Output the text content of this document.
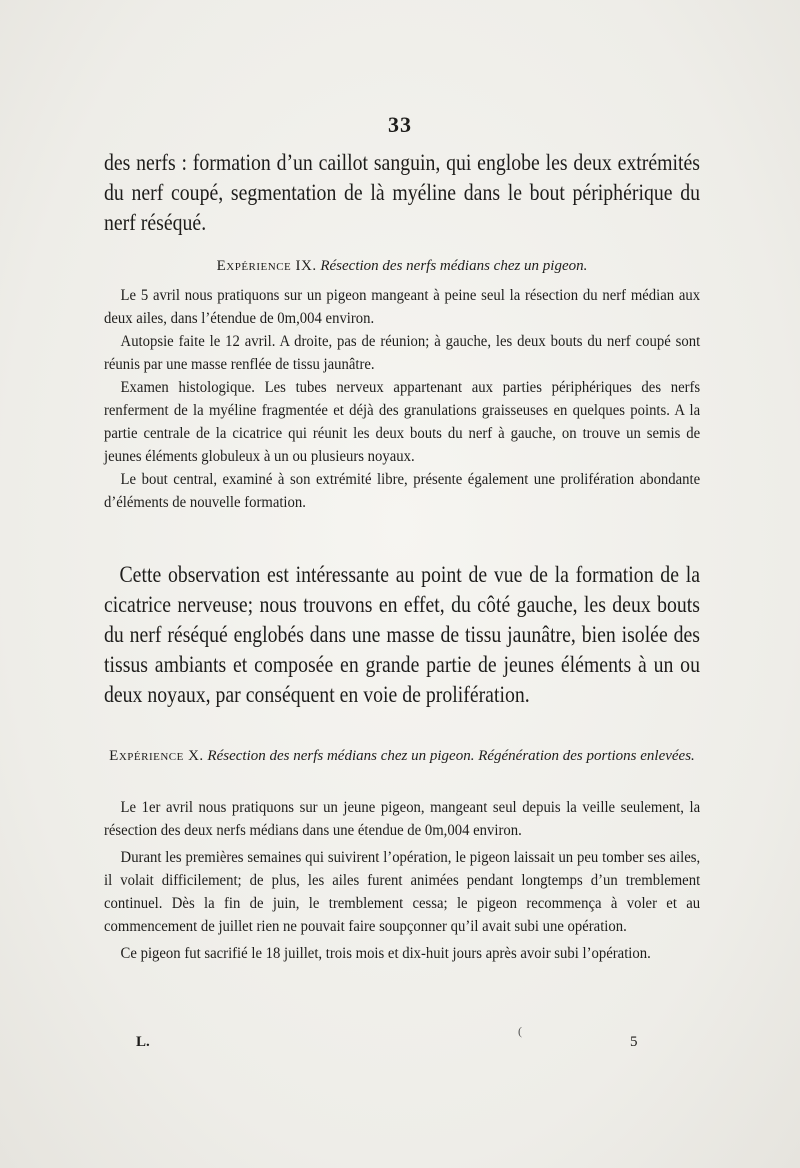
33

des nerfs : formation d’un caillot sanguin, qui englobe les deux extrémités du nerf coupé, segmentation de là myéline dans le bout périphérique du nerf réséqué.

Expérience IX. Résection des nerfs médians chez un pigeon.

Le 5 avril nous pratiquons sur un pigeon mangeant à peine seul la résection du nerf médian aux deux ailes, dans l’étendue de 0m,004 environ.

Autopsie faite le 12 avril. A droite, pas de réunion; à gauche, les deux bouts du nerf coupé sont réunis par une masse renflée de tissu jaunâtre.

Examen histologique. Les tubes nerveux appartenant aux parties périphériques des nerfs renferment de la myéline fragmentée et déjà des granulations graisseuses en quelques points. A la partie centrale de la cicatrice qui réunit les deux bouts du nerf à gauche, on trouve un semis de jeunes éléments globuleux à un ou plusieurs noyaux.

Le bout central, examiné à son extrémité libre, présente également une prolifération abondante d’éléments de nouvelle formation.

Cette observation est intéressante au point de vue de la formation de la cicatrice nerveuse; nous trouvons en effet, du côté gauche, les deux bouts du nerf réséqué englobés dans une masse de tissu jaunâtre, bien isolée des tissus ambiants et composée en grande partie de jeunes éléments à un ou deux noyaux, par conséquent en voie de prolifération.

Expérience X. Résection des nerfs médians chez un pigeon. Régénération des portions enlevées.

Le 1er avril nous pratiquons sur un jeune pigeon, mangeant seul depuis la veille seulement, la résection des deux nerfs médians dans une étendue de 0m,004 environ.

Durant les premières semaines qui suivirent l’opération, le pigeon laissait un peu tomber ses ailes, il volait difficilement; de plus, les ailes furent animées pendant longtemps d’un tremblement continuel. Dès la fin de juin, le tremblement cessa; le pigeon recommença à voler et au commencement de juillet rien ne pouvait faire soupçonner qu’il avait subi une opération.

Ce pigeon fut sacrifié le 18 juillet, trois mois et dix-huit jours après avoir subi l’opération.

L.
(
5
